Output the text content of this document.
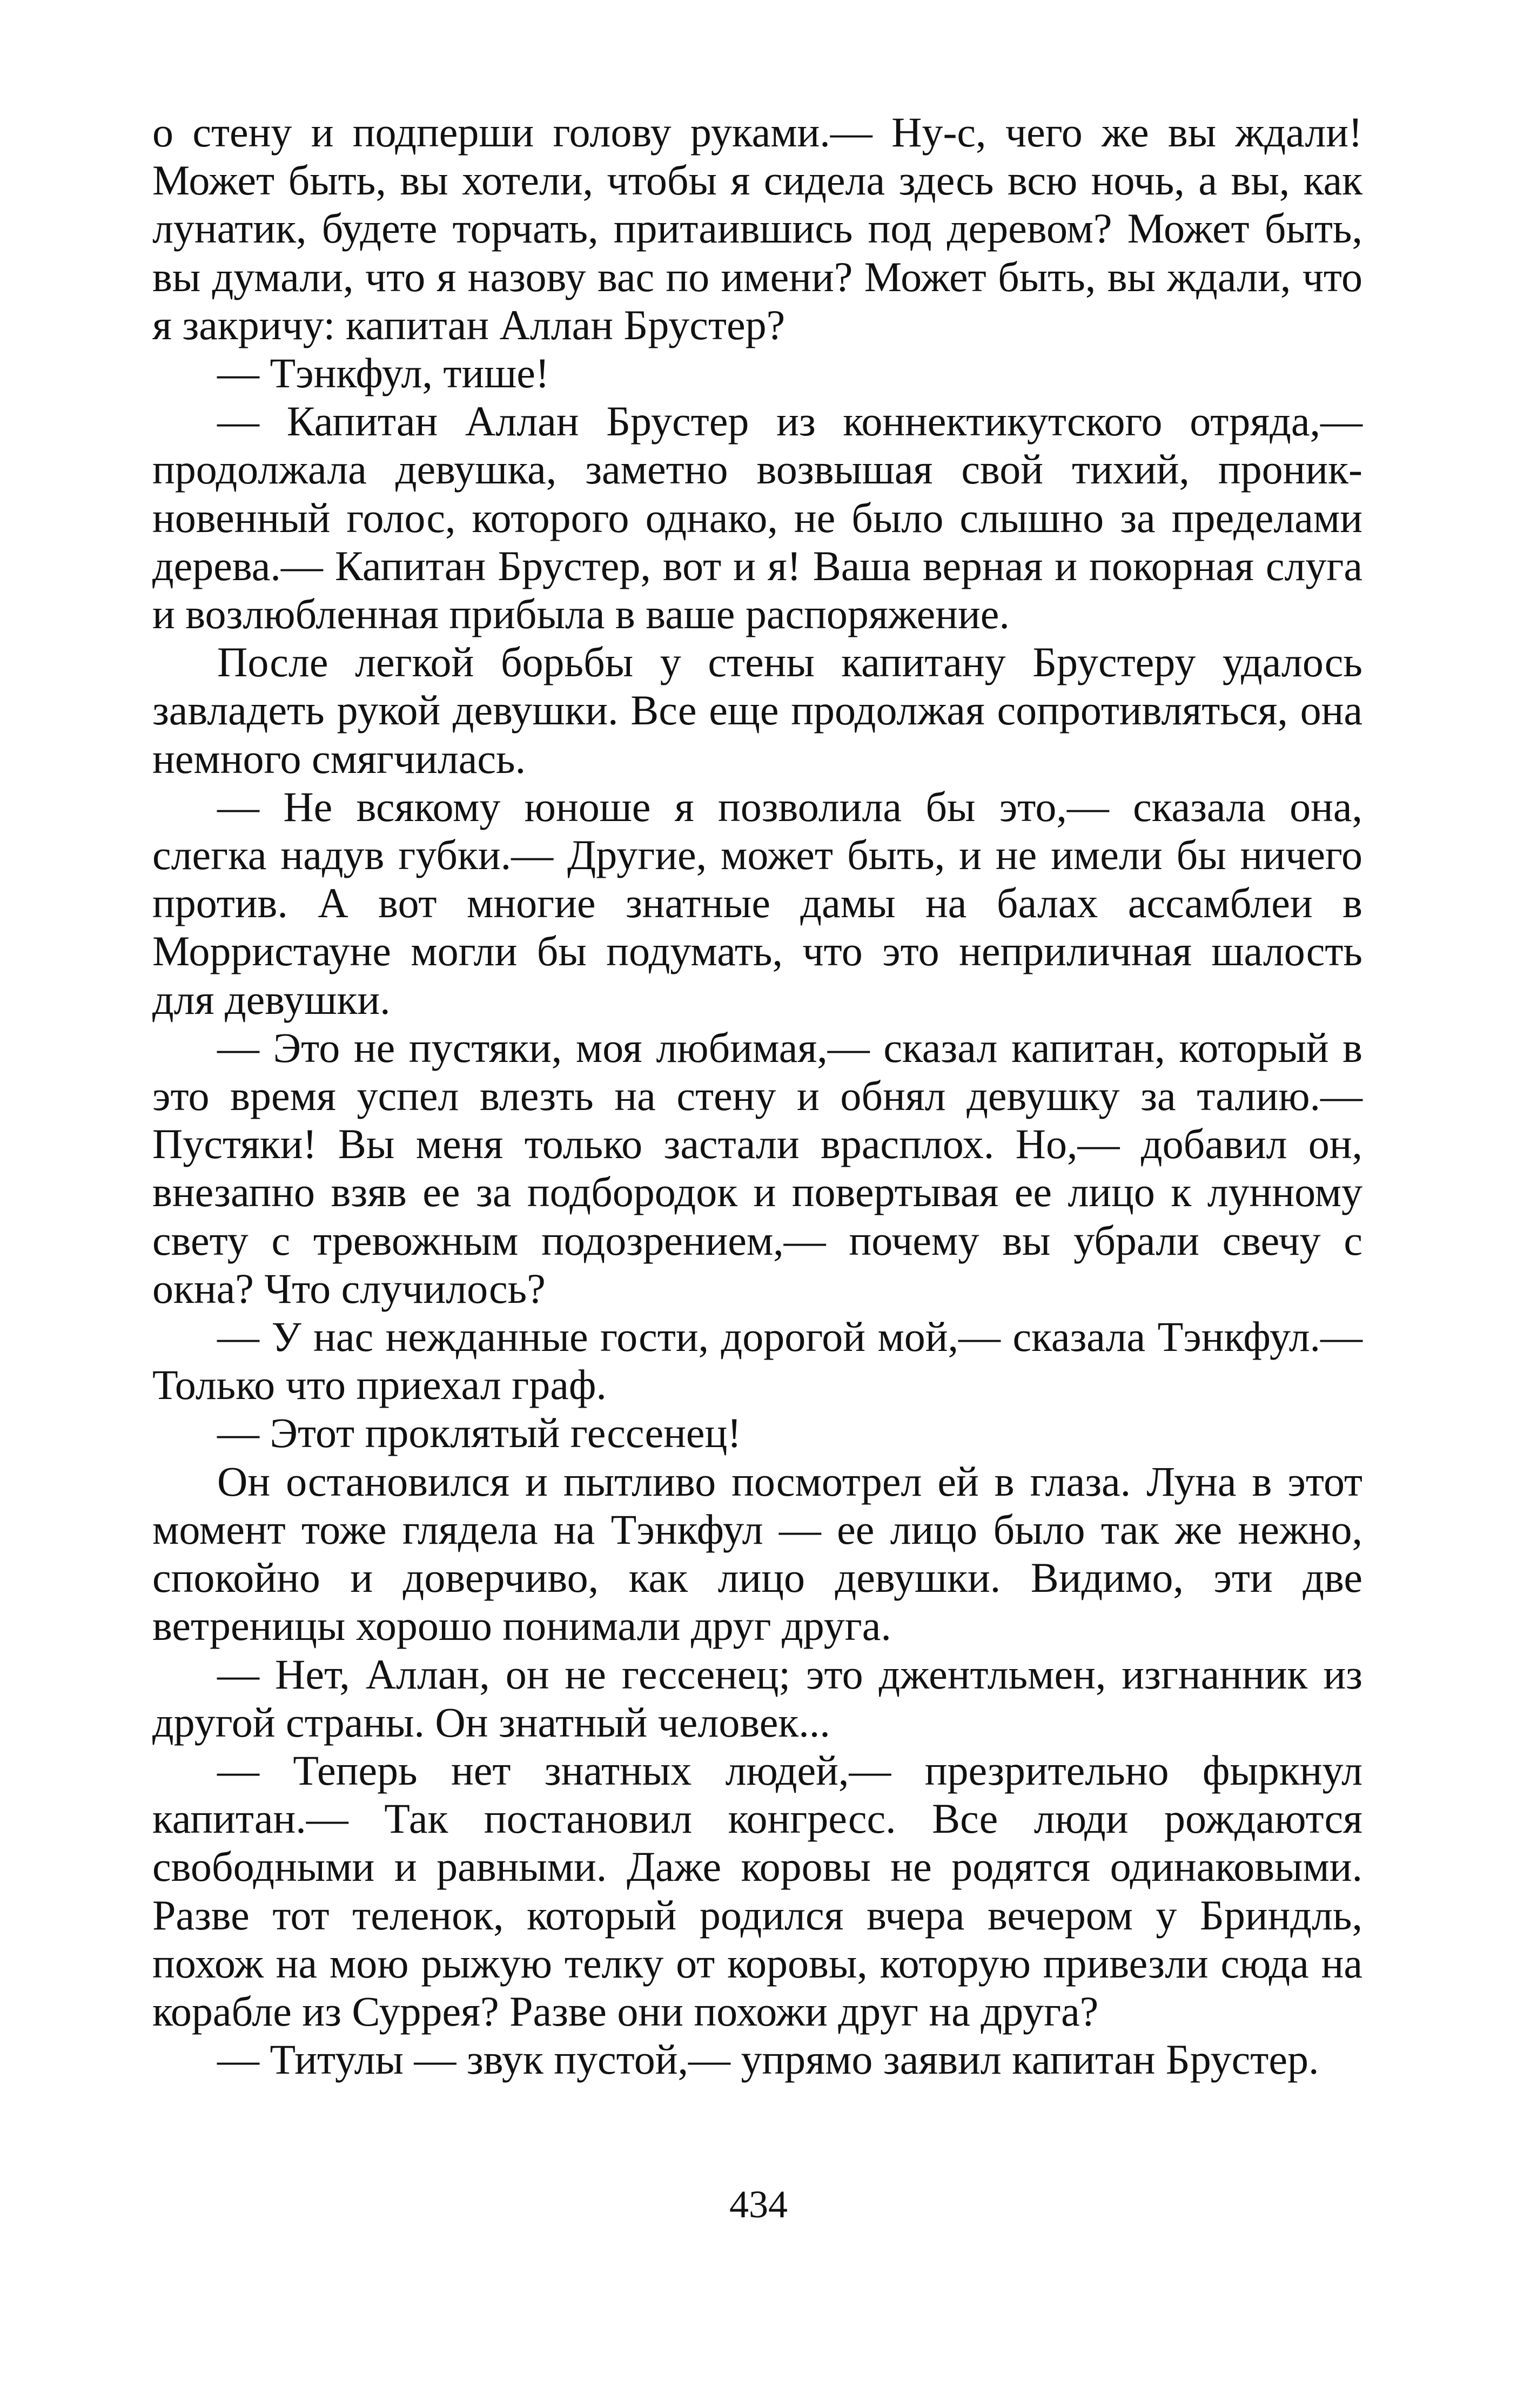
о стену и подперши голову руками.— Ну-с, чего же вы ждали! Может быть, вы хотели, чтобы я сидела здесь всю ночь, а вы, как лунатик, будете торчать, притаившись под деревом? Может быть, вы думали, что я назову вас по имени? Может быть, вы ждали, что я закричу: капитан Аллан Брустер?

— Тэнкфул, тише!

— Капитан Аллан Брустер из коннектикутского отряда,— продолжала девушка, заметно возвышая свой тихий, проникновенный голос, которого однако, не было слышно за пределами дерева.— Капитан Брустер, вот и я! Ваша верная и покорная слуга и возлюбленная прибыла в ваше распоряжение.

После легкой борьбы у стены капитану Брустеру удалось завладеть рукой девушки. Все еще продолжая сопротивляться, она немного смягчилась.

— Не всякому юноше я позволила бы это,— сказала она, слегка надув губки.— Другие, может быть, и не имели бы ничего против. А вот многие знатные дамы на балах ассамблеи в Морристауне могли бы подумать, что это неприличная шалость для девушки.

— Это не пустяки, моя любимая,— сказал капитан, который в это время успел влезть на стену и обнял девушку за талию.— Пустяки! Вы меня только застали врасплох. Но,— добавил он, внезапно взяв ее за подбородок и повертывая ее лицо к лунному свету с тревожным подозрением,— почему вы убрали свечу с окна? Что случилось?

— У нас нежданные гости, дорогой мой,— сказала Тэнкфул.— Только что приехал граф.

— Этот проклятый гессенец!

Он остановился и пытливо посмотрел ей в глаза. Луна в этот момент тоже глядела на Тэнкфул — ее лицо было так же нежно, спокойно и доверчиво, как лицо девушки. Видимо, эти две ветреницы хорошо понимали друг друга.

— Нет, Аллан, он не гессенец; это джентльмен, изгнанник из другой страны. Он знатный человек...

— Теперь нет знатных людей,— презрительно фыркнул капитан.— Так постановил конгресс. Все люди рождаются свободными и равными. Даже коровы не родятся одинаковыми. Разве тот теленок, который родился вчера вечером у Бриндль, похож на мою рыжую телку от коровы, которую привезли сюда на корабле из Суррея? Разве они похожи друг на друга?

— Титулы — звук пустой,— упрямо заявил капитан Брустер.

434
